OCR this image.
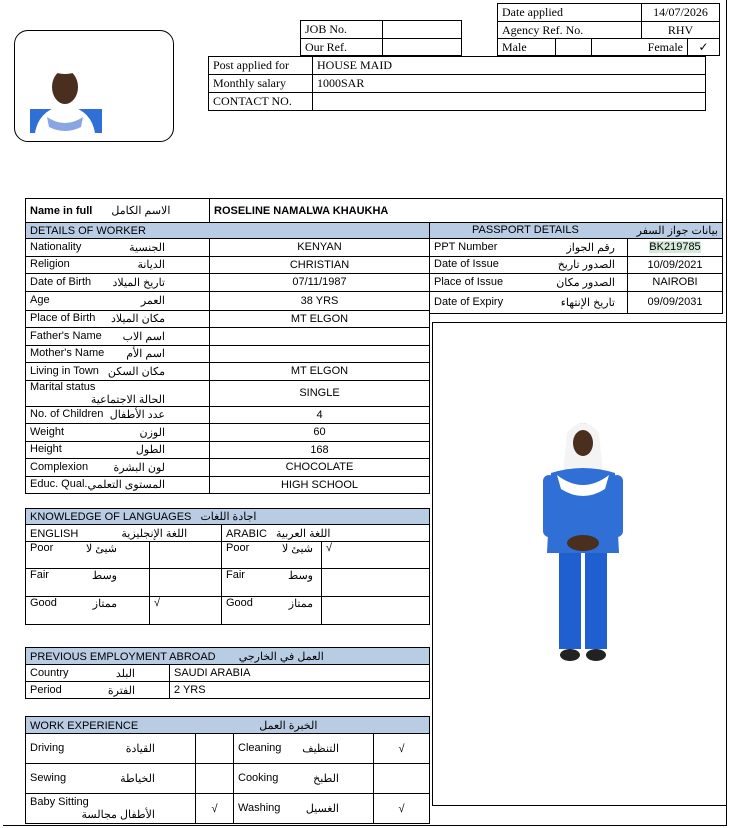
Date applied	14/07/2026
Agency Ref. No.	RHV
Male		Female	✓
JOB No.	
Our Ref.	
Post applied for	HOUSE MAID
Monthly salary	1000SAR
CONTACT NO.	
Name in full الاسم الكامل	ROSELINE NAMALWA KHAUKHA
DETAILS OF WORKER	
Nationality الجنسية	KENYAN
Religion الديانة	CHRISTIAN
Date of Birth تاريخ الميلاد	07/11/1987
Age العمر	38 YRS
Place of Birth مكان الميلاد	MT ELGON
Father's Name اسم الاب	

Mother's Name اسم الأم	

Living in Town مكان السكن	MT ELGON
Marital status
الحالة الاجتماعية	SINGLE
No. of Children عدد الأطفال	4
Weight الوزن	60
Height الطول	168
Complexion لون البشرة	CHOCOLATE
Educ. Qual. المستوى التعلمي	HIGH SCHOOL
PASSPORT DETAILS بيانات جواز السفر	

PPT Number رقم الجواز	BK219785
Date of Issue الصدور تاريخ	10/09/2021
Place of Issue الصدور مكان	NAIROBI
Date of Expiry تاريخ الإنتهاء	09/09/2031
KNOWLEDGE OF LANGUAGES اجادة اللغات			
ENGLISH اللغة الإنجليزية		ARABIC اللغة العربية	
Poor شيئ لا		Poor شيئ لا	√
Fair وسط		Fair وسط	

Good ممتاز	√	Good ممتاز	

PREVIOUS EMPLOYMENT ABROAD العمل في الخارجي	
Country البلد	SAUDI ARABIA
Period الفترة	2 YRS
WORK EXPERIENCE الخبرة العمل			
Driving القيادة		Cleaning التنظيف	√
Sewing الخياطة		Cooking الطبخ	

Baby Sitting
الأطفال مجالسة	√	Washing الغسيل	√
